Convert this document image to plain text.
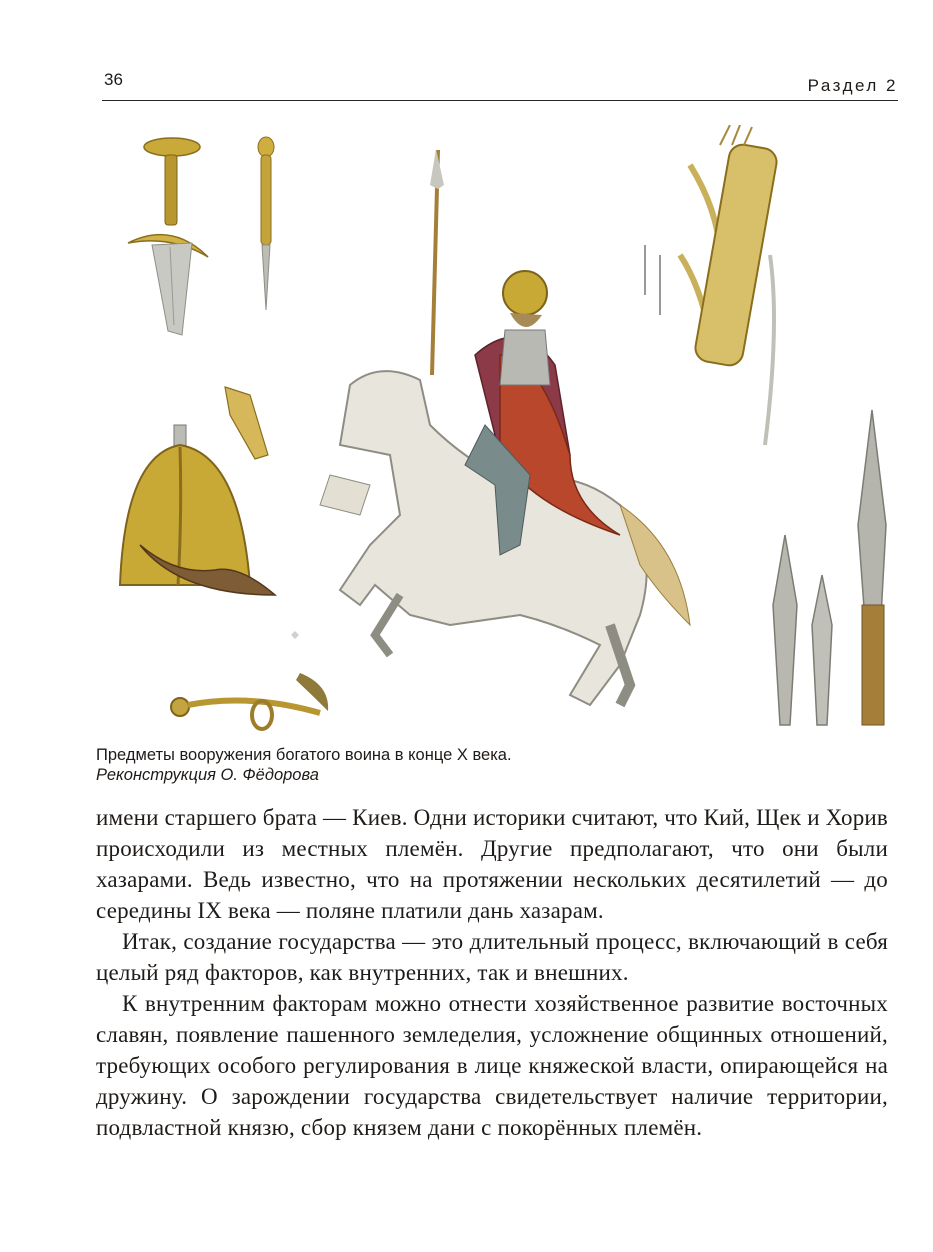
36	Раздел 2
Предметы вооружения богатого воина в конце X века.
Реконструкция О. Фёдорова

имени старшего брата — Киев. Одни историки считают, что Кий, Щек и Хорив происходили из местных племён. Другие предполагают, что они были хазарами. Ведь известно, что на протяжении нескольких десятилетий — до середины IX века — поляне платили дань хазарам.

Итак, создание государства — это длительный процесс, включающий в себя целый ряд факторов, как внутренних, так и внешних.

К внутренним факторам можно отнести хозяйственное развитие восточных славян, появление пашенного земледелия, усложнение общинных отношений, требующих особого регулирования в лице княжеской власти, опирающейся на дружину. О зарождении государства свидетельствует наличие территории, подвластной князю, сбор князем дани с покорённых племён.
